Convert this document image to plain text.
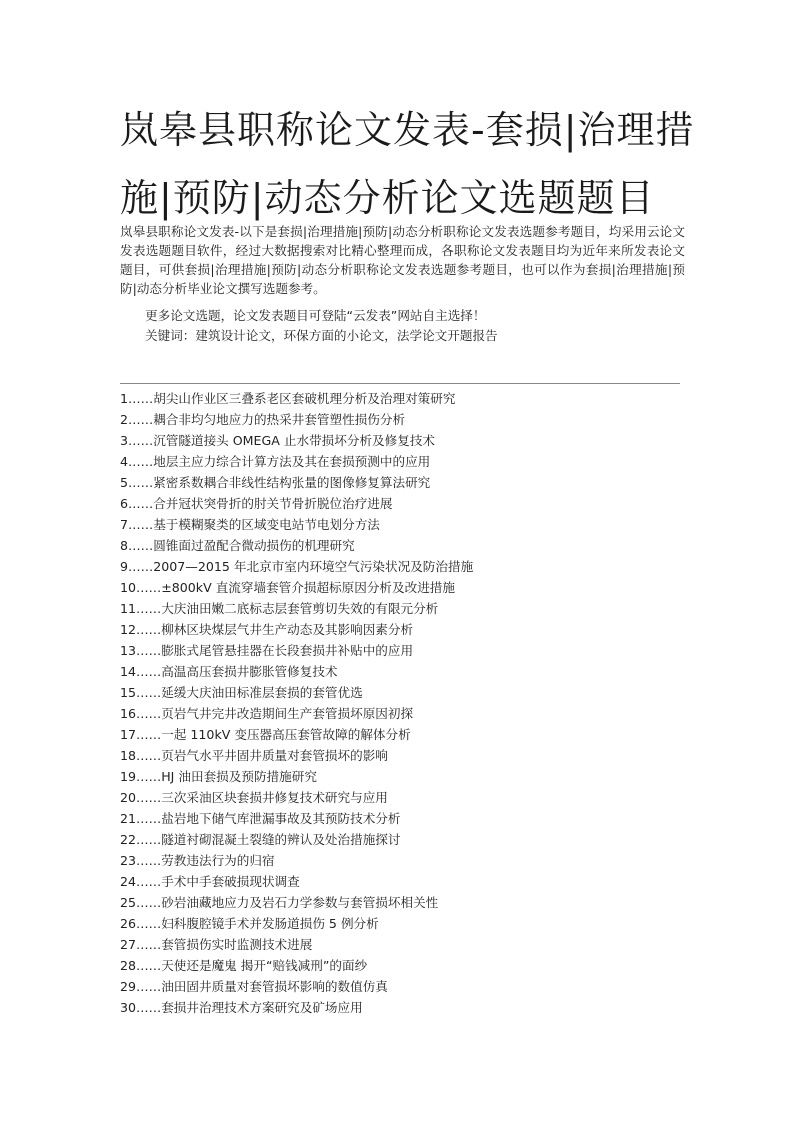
岚皋县职称论文发表-套损|治理措施|预防|动态分析论文选题题目

岚皋县职称论文发表-以下是套损|治理措施|预防|动态分析职称论文发表选题参考题目，均采用云论文发表选题题目软件，经过大数据搜索对比精心整理而成，各职称论文发表题目均为近年来所发表论文题目，可供套损|治理措施|预防|动态分析职称论文发表选题参考题目，也可以作为套损|治理措施|预防|动态分析毕业论文撰写选题参考。

更多论文选题，论文发表题目可登陆“云发表”网站自主选择！
关键词：建筑设计论文，环保方面的小论文，法学论文开题报告
1……胡尖山作业区三叠系老区套破机理分析及治理对策研究
2……耦合非均匀地应力的热采井套管塑性损伤分析
3……沉管隧道接头 OMEGA 止水带损坏分析及修复技术
4……地层主应力综合计算方法及其在套损预测中的应用
5……紧密系数耦合非线性结构张量的图像修复算法研究
6……合并冠状突骨折的肘关节骨折脱位治疗进展
7……基于模糊聚类的区域变电站节电划分方法
8……圆锥面过盈配合微动损伤的机理研究
9……2007—2015 年北京市室内环境空气污染状况及防治措施
10……±800kV 直流穿墙套管介损超标原因分析及改进措施
11……大庆油田嫩二底标志层套管剪切失效的有限元分析
12……柳林区块煤层气井生产动态及其影响因素分析
13……膨胀式尾管悬挂器在长段套损井补贴中的应用
14……高温高压套损井膨胀管修复技术
15……延缓大庆油田标准层套损的套管优选
16……页岩气井完井改造期间生产套管损坏原因初探
17……一起 110kV 变压器高压套管故障的解体分析
18……页岩气水平井固井质量对套管损坏的影响
19……HJ 油田套损及预防措施研究
20……三次采油区块套损井修复技术研究与应用
21……盐岩地下储气库泄漏事故及其预防技术分析
22……隧道衬砌混凝土裂缝的辨认及处治措施探讨
23……劳教违法行为的归宿
24……手术中手套破损现状调查
25……砂岩油藏地应力及岩石力学参数与套管损坏相关性
26……妇科腹腔镜手术并发肠道损伤 5 例分析
27……套管损伤实时监测技术进展
28……天使还是魔鬼 揭开“赔钱减刑”的面纱
29……油田固井质量对套管损坏影响的数值仿真
30……套损井治理技术方案研究及矿场应用
